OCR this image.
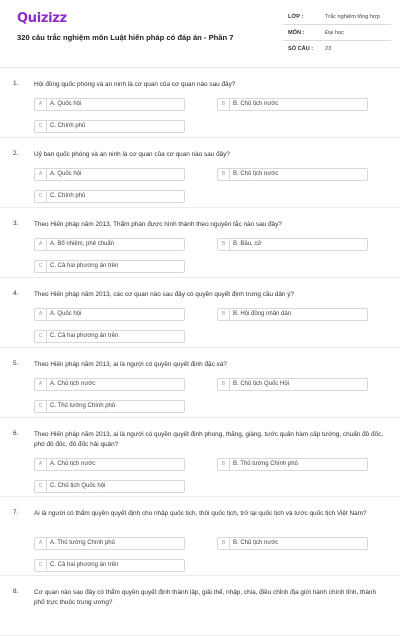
Quizizz
320 câu trắc nghiệm môn Luật hiến pháp có đáp án - Phần 7
LỚP :	Trắc nghiệm tổng hợp
MÔN :	Đại học
SỐ CÂU : 23
1. Hội đồng quốc phòng và an ninh là cơ quan của cơ quan nào sau đây?
A	A. Quốc hội	B	B. Chủ tịch nước
C	C. Chính phủ
2. Uỷ ban quốc phòng và an ninh là cơ quan của cơ quan nào sau đây?
A	A. Quốc hội	B	B. Chủ tịch nước
C	C. Chính phủ
3. Theo Hiến pháp năm 2013, Thẩm phán được hình thành theo nguyên tắc nào sau đây?
A	A. Bổ nhiệm, phê chuẩn	B	B. Bầu, cử
C	C. Cả hai phương án trên
4. Theo Hiến pháp năm 2013, các cơ quan nào sau đây có quyền quyết định trưng cầu dân ý?
A	A. Quốc hội	B	B. Hội đồng nhân dân
C	C. Cả hai phương án trên
5. Theo Hiến pháp năm 2013, ai là người có quyền quyết định đặc xá?
A	A. Chủ tịch nước	B	B. Chủ tịch Quốc Hội
C	C. Thủ tướng Chính phủ
6. Theo Hiến pháp năm 2013, ai là người có quyền quyết định phong, thăng, giáng, tước quân hàm cấp tướng, chuẩn đô đốc, phó đô đốc, đô đốc hải quân?
A	A. Chủ tịch nước	B	B. Thủ tướng Chính phủ
C	C. Chủ tịch Quốc hội
7. Ai là người có thẩm quyền quyết định cho nhập quốc tịch, thôi quốc tịch, trở lại quốc tịch và tước quốc tịch Việt Nam?
A	A. Thủ tướng Chính phủ	B	B. Chủ tịch nước
C	C. Cả hai phương án trên
8. Cơ quan nào sau đây có thẩm quyền quyết định thành lập, giải thể, nhập, chia, điều chỉnh địa giới hành chính tỉnh, thành phố trực thuộc trung ương?
